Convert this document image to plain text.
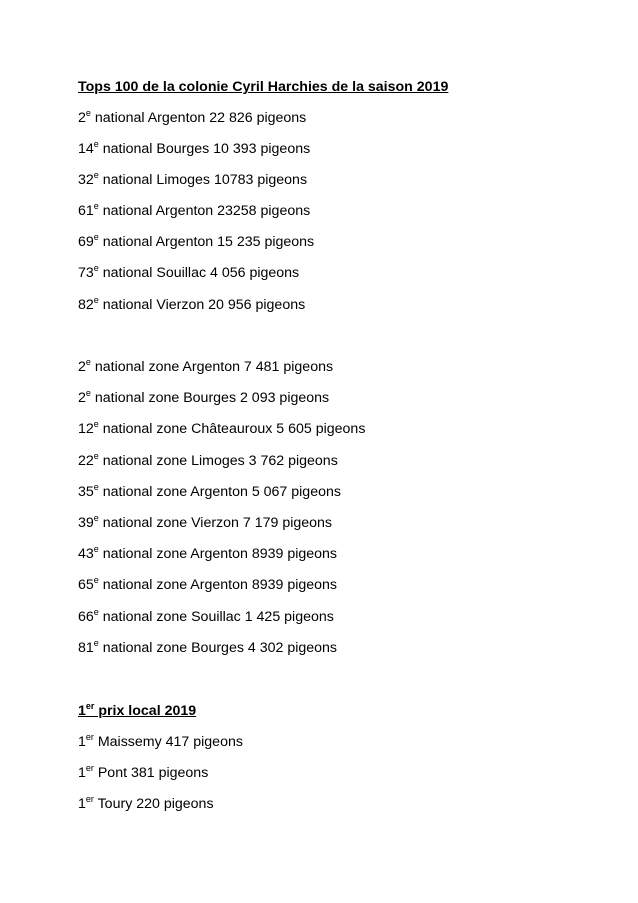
Tops 100 de la colonie Cyril Harchies de la saison 2019
2e national Argenton 22 826 pigeons
14e national Bourges 10 393 pigeons
32e national Limoges 10783 pigeons
61e national Argenton 23258 pigeons
69e national Argenton 15 235 pigeons
73e national Souillac 4 056 pigeons
82e national Vierzon 20 956 pigeons
2e national zone Argenton 7 481 pigeons
2e national zone Bourges 2 093 pigeons
12e national zone Châteauroux 5 605 pigeons
22e national zone Limoges 3 762 pigeons
35e national zone Argenton 5 067 pigeons
39e national zone Vierzon 7 179 pigeons
43e national zone Argenton 8939 pigeons
65e national zone Argenton 8939 pigeons
66e national zone Souillac 1 425 pigeons
81e national zone Bourges 4 302 pigeons
1er prix local 2019
1er Maissemy 417 pigeons
1er Pont 381 pigeons
1er Toury 220 pigeons
